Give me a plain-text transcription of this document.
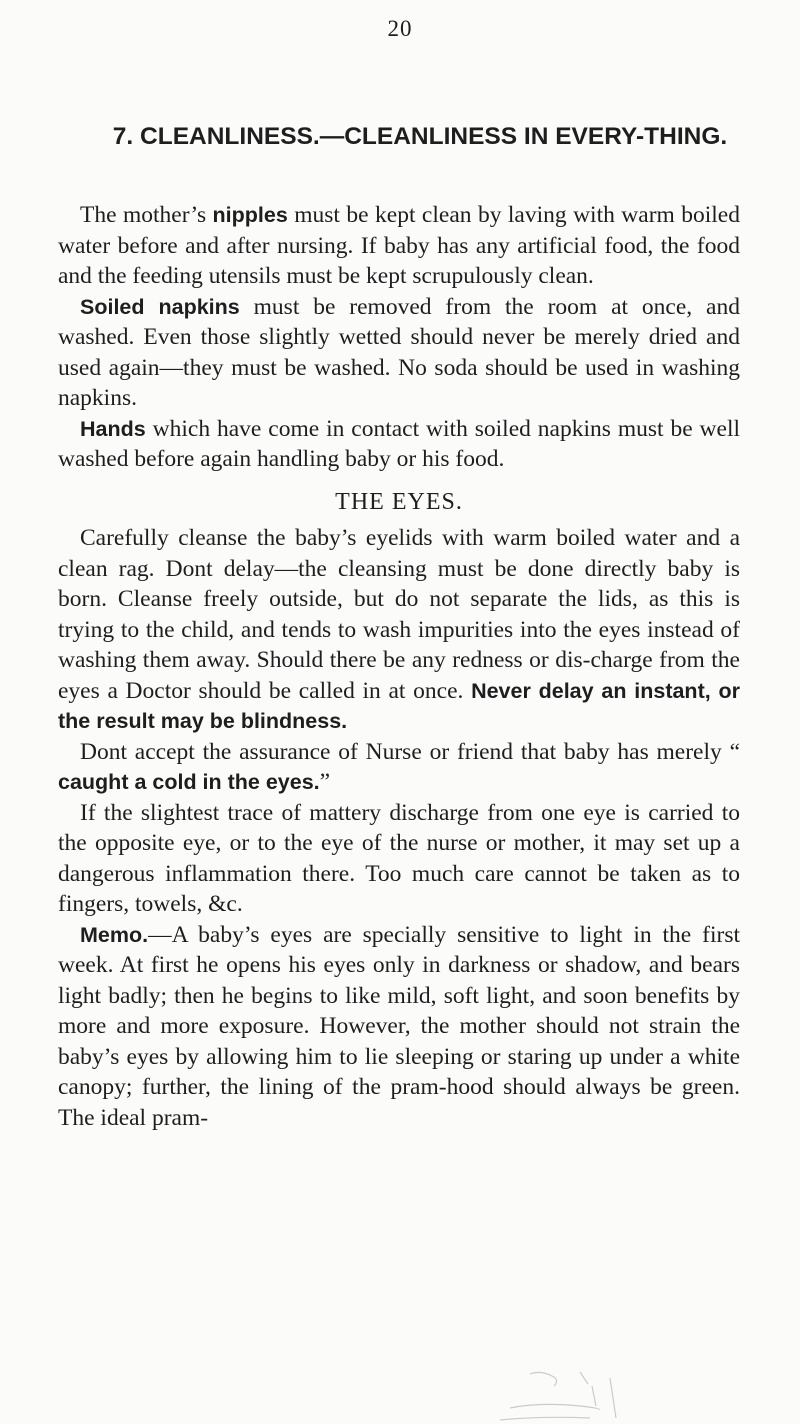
20
7. CLEANLINESS.—CLEANLINESS IN EVERY-THING.

The mother’s nipples must be kept clean by laving with warm boiled water before and after nursing. If baby has any artificial food, the food and the feeding utensils must be kept scrupulously clean.

Soiled napkins must be removed from the room at once, and washed. Even those slightly wetted should never be merely dried and used again—they must be washed. No soda should be used in washing napkins.

Hands which have come in contact with soiled napkins must be well washed before again handling baby or his food.

THE EYES.

Carefully cleanse the baby’s eyelids with warm boiled water and a clean rag. Dont delay—the cleansing must be done directly baby is born. Cleanse freely outside, but do not separate the lids, as this is trying to the child, and tends to wash impurities into the eyes instead of washing them away. Should there be any redness or dis-charge from the eyes a Doctor should be called in at once. Never delay an instant, or the result may be blindness.

Dont accept the assurance of Nurse or friend that baby has merely “ caught a cold in the eyes.”

If the slightest trace of mattery discharge from one eye is carried to the opposite eye, or to the eye of the nurse or mother, it may set up a dangerous inflammation there. Too much care cannot be taken as to fingers, towels, &c.

Memo.—A baby’s eyes are specially sensitive to light in the first week. At first he opens his eyes only in darkness or shadow, and bears light badly; then he begins to like mild, soft light, and soon benefits by more and more exposure. However, the mother should not strain the baby’s eyes by allowing him to lie sleeping or staring up under a white canopy; further, the lining of the pram-hood should always be green. The ideal pram-
